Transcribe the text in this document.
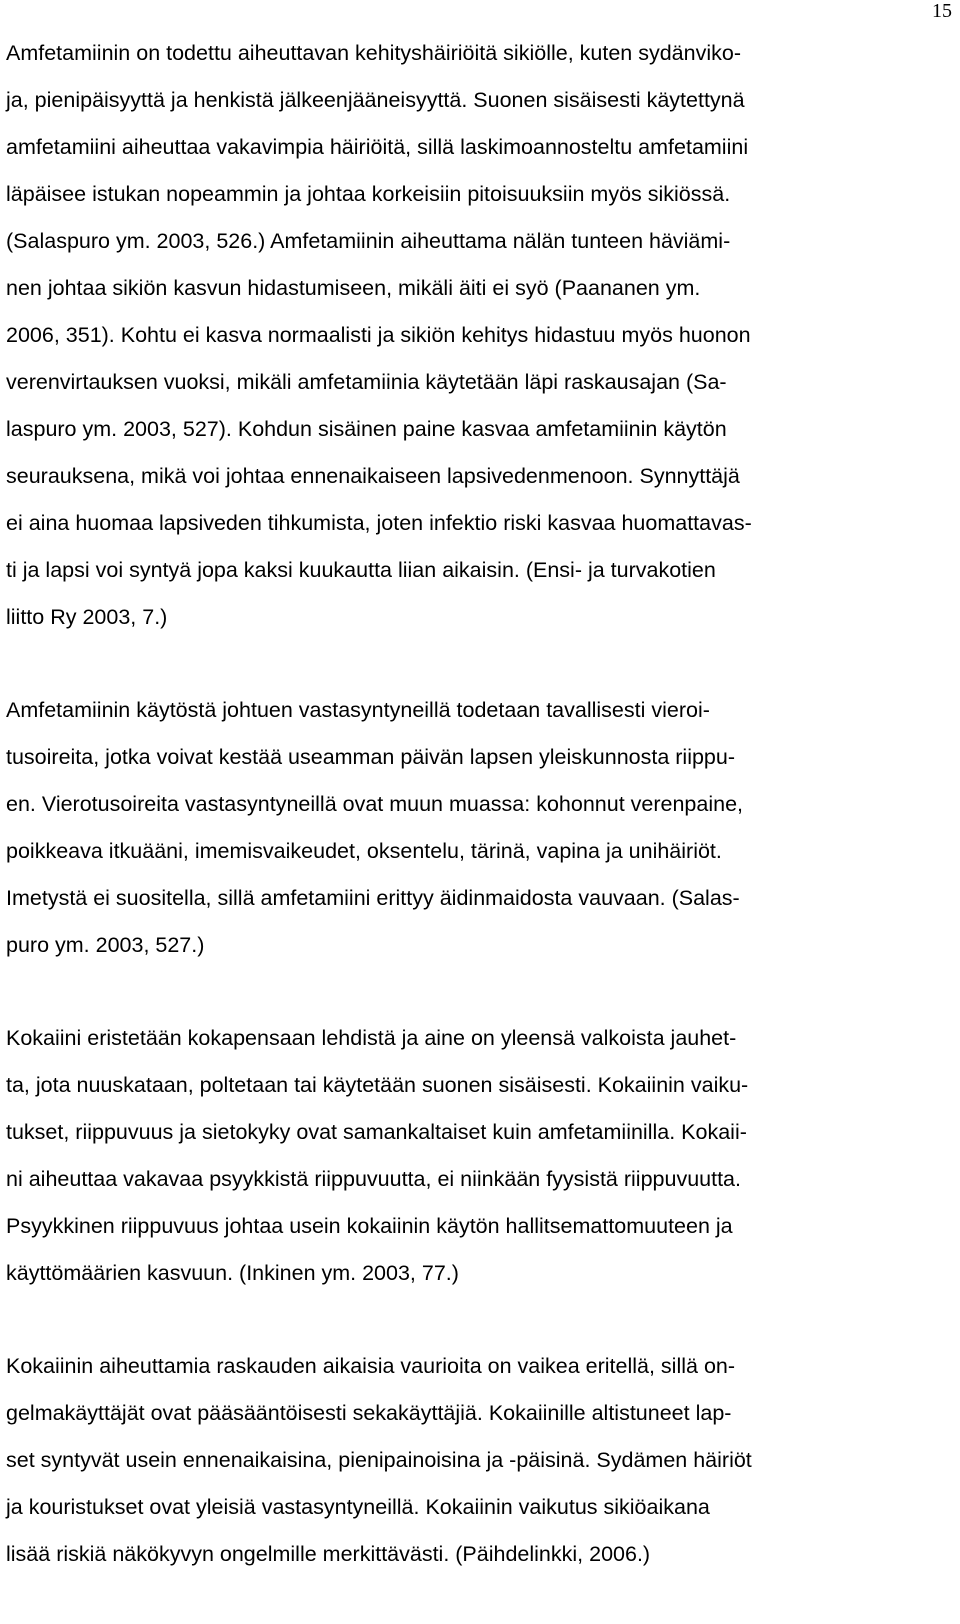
15

Amfetamiinin on todettu aiheuttavan kehityshäiriöitä sikiölle, kuten sydänviko-
ja, pienipäisyyttä ja henkistä jälkeenjääneisyyttä. Suonen sisäisesti käytettynä
amfetamiini aiheuttaa vakavimpia häiriöitä, sillä laskimoannosteltu amfetamiini
läpäisee istukan nopeammin ja johtaa korkeisiin pitoisuuksiin myös sikiössä.
(Salaspuro ym. 2003, 526.) Amfetamiinin aiheuttama nälän tunteen häviämi-
nen johtaa sikiön kasvun hidastumiseen, mikäli äiti ei syö (Paananen ym.
2006, 351). Kohtu ei kasva normaalisti ja sikiön kehitys hidastuu myös huonon
verenvirtauksen vuoksi, mikäli amfetamiinia käytetään läpi raskausajan (Sa-
laspuro ym. 2003, 527). Kohdun sisäinen paine kasvaa amfetamiinin käytön
seurauksena, mikä voi johtaa ennenaikaiseen lapsivedenmenoon. Synnyttäjä
ei aina huomaa lapsiveden tihkumista, joten infektio riski kasvaa huomattavas-
ti ja lapsi voi syntyä jopa kaksi kuukautta liian aikaisin. (Ensi- ja turvakotien
liitto Ry 2003, 7.)

Amfetamiinin käytöstä johtuen vastasyntyneillä todetaan tavallisesti vieroi-
tusoireita, jotka voivat kestää useamman päivän lapsen yleiskunnosta riippu-
en. Vierotusoireita vastasyntyneillä ovat muun muassa: kohonnut verenpaine,
poikkeava itkuääni, imemisvaikeudet, oksentelu, tärinä, vapina ja unihäiriöt.
Imetystä ei suositella, sillä amfetamiini erittyy äidinmaidosta vauvaan. (Salas-
puro ym. 2003, 527.)

Kokaiini eristetään kokapensaan lehdistä ja aine on yleensä valkoista jauhet-
ta, jota nuuskataan, poltetaan tai käytetään suonen sisäisesti. Kokaiinin vaiku-
tukset, riippuvuus ja sietokyky ovat samankaltaiset kuin amfetamiinilla. Kokaii-
ni aiheuttaa vakavaa psyykkistä riippuvuutta, ei niinkään fyysistä riippuvuutta.
Psyykkinen riippuvuus johtaa usein kokaiinin käytön hallitsemattomuuteen ja
käyttömäärien kasvuun. (Inkinen ym. 2003, 77.)

Kokaiinin aiheuttamia raskauden aikaisia vaurioita on vaikea eritellä, sillä on-
gelmakäyttäjät ovat pääsääntöisesti sekakäyttäjiä. Kokaiinille altistuneet lap-
set syntyvät usein ennenaikaisina, pienipainoisina ja -päisinä. Sydämen häiriöt
ja kouristukset ovat yleisiä vastasyntyneillä. Kokaiinin vaikutus sikiöaikana
lisää riskiä näkökyvyn ongelmille merkittävästi. (Päihdelinkki, 2006.)
